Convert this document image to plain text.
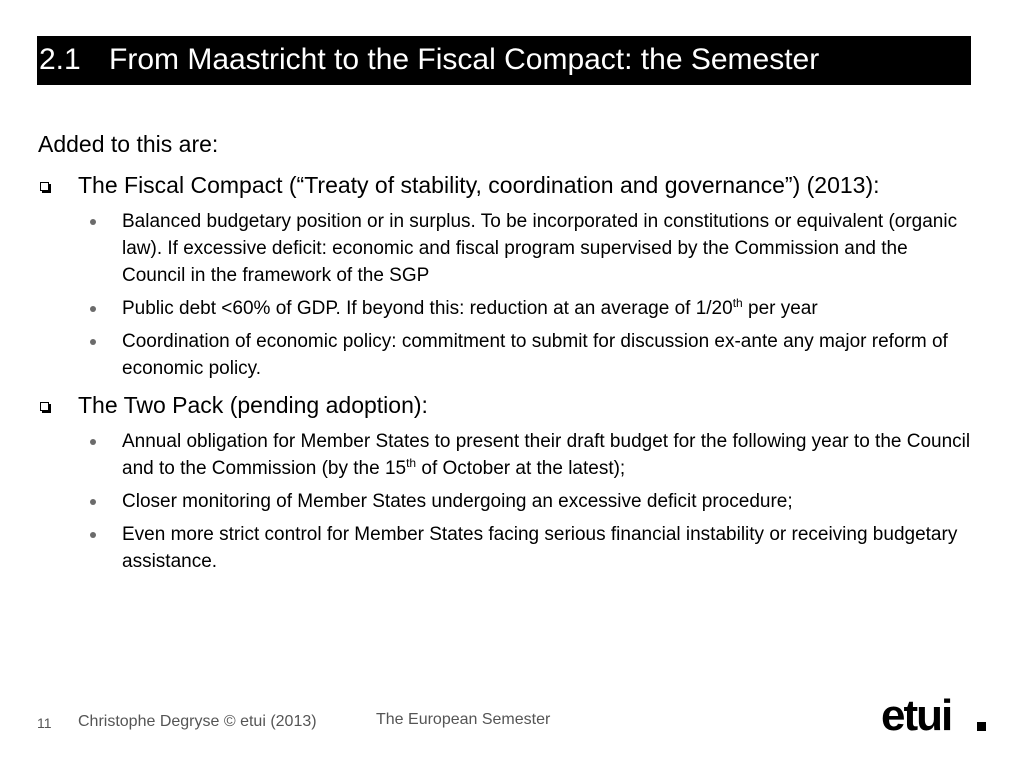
2.1 From Maastricht to the Fiscal Compact: the Semester
Added to this are:
The Fiscal Compact (“Treaty of stability, coordination and governance”) (2013):
Balanced budgetary position or in surplus. To be incorporated in constitutions or equivalent (organic law). If excessive deficit: economic and fiscal program supervised by the Commission and the Council in the framework of the SGP
Public debt <60% of GDP. If beyond this: reduction at an average of 1/20th per year
Coordination of economic policy: commitment to submit for discussion ex-ante any major reform of economic policy.
The Two Pack (pending adoption):
Annual obligation for Member States to present their draft budget for the following year to the Council and to the Commission (by the 15th of October at the latest);
Closer monitoring of Member States undergoing an excessive deficit procedure;
Even more strict control for Member States facing serious financial instability or receiving budgetary assistance.
11 Christophe Degryse © etui (2013)	The European Semester	etui
